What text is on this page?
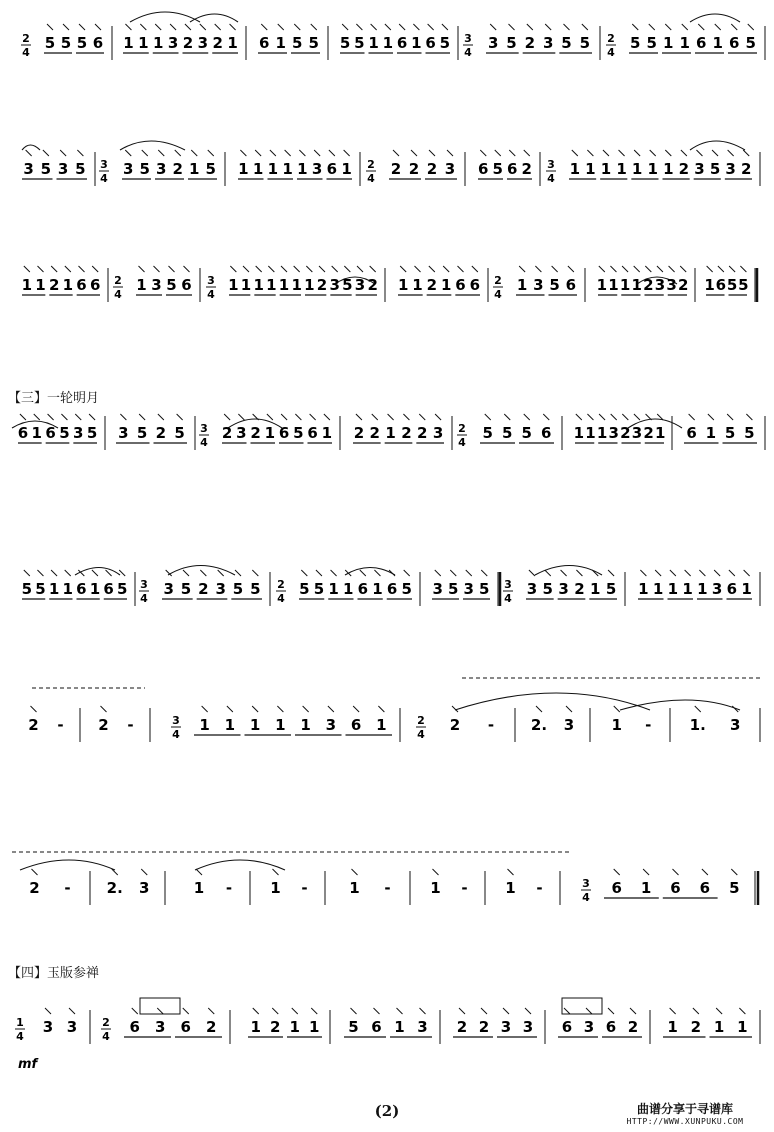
2
4
5 5 5 6 1 1 1 3 2 3 2 1 6 1 5 5 5 5 1 1 6 1 6 5 3
4
3 5 2 3 5 5 2
4
5 5 1 1 6 1 6 5
3 5 3 5 3
4
3 5 3 2 1 5 1 1 1 1 1 3 6 1 2
4
2 2 2 3 6 5 6 2 3
4
1 1 1 1 1 1 1 2 3 5 3 2
1 1 2 1 6 6 2
4
1 3 5 6 3
4
1 1 1 1 1 1 1 2 3 5 3 2 1 1 2 1 6 6 2
4
1 3 5 6 1 1 1 1 2 3 3 2 1 6 5 5
6 1 6 5 3 5 3 5 2 5 3
4
2 3 2 1 6 5 6 1 2 2 1 2 2 3 2
4
5 5 5 6 1 1 1 3 2 3 2 1 6 1 5 5
5 5 1 1 6 1 6 5 3
4
3 5 2 3 5 5 2
4
5 5 1 1 6 1 6 5 3 5 3 5 3
4
3 5 3 2 1 5 1 1 1 1 1 3 6 1
2 - 2 -	3
4
1 1 1 1 1 3 6 1	2
4
2 - 2. 3 1 -	1. 3
2 - 2. 3	1 -	1 -	1 -	1 -	1 -	3
4
6 1 6 6 5
1
4
3 3 2
4
6 3 6 2 1 2 1 1 5 6 1 3 2 2 3 3 6 3 6 2 1 2 1 1
mf
【三】一轮明月
【四】玉版参禅
(2)	曲谱分享于寻谱库
HTTP://WWW.XUNPUKU.COM
